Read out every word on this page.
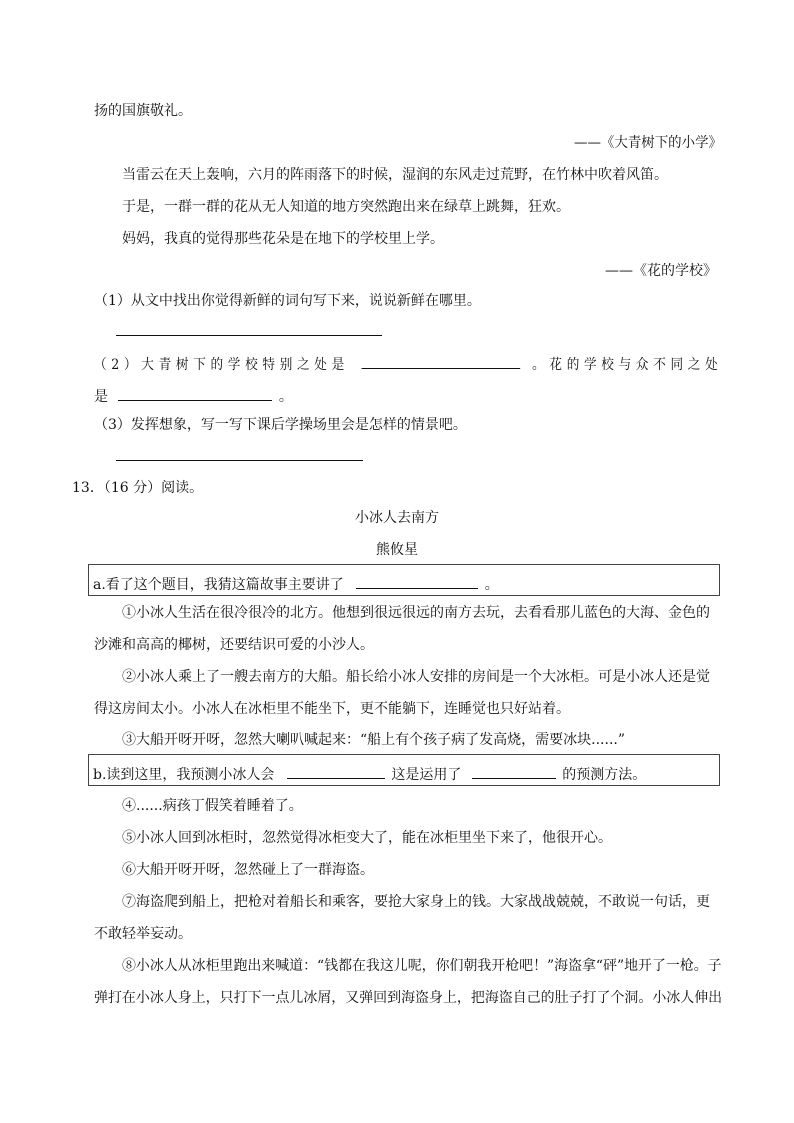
扬的国旗敬礼。
——《大青树下的小学》
当雷云在天上轰响，六月的阵雨落下的时候，湿润的东风走过荒野，在竹林中吹着风笛。
于是，一群一群的花从无人知道的地方突然跑出来在绿草上跳舞，狂欢。
妈妈，我真的觉得那些花朵是在地下的学校里上学。
——《花的学校》
（1）从文中找出你觉得新鲜的词句写下来，说说新鲜在哪里。
（2）大青树下的学校特别之处是	。花的学校与众不同之处
是	。
（3）发挥想象，写一写下课后学操场里会是怎样的情景吧。
13．（16 分）阅读。
小冰人去南方
熊攸星
a.看了这个题目，我猜这篇故事主要讲了	。
①小冰人生活在很冷很冷的北方。他想到很远很远的南方去玩，去看看那儿蓝色的大海、金色的
沙滩和高高的椰树，还要结识可爱的小沙人。
②小冰人乘上了一艘去南方的大船。船长给小冰人安排的房间是一个大冰柜。可是小冰人还是觉
得这房间太小。小冰人在冰柜里不能坐下，更不能躺下，连睡觉也只好站着。
③大船开呀开呀，忽然大喇叭喊起来：“船上有个孩子病了发高烧，需要冰块......”
b.读到这里，我预测小冰人会	这是运用了	的预测方法。
④......病孩丁假笑着睡着了。
⑤小冰人回到冰柜时，忽然觉得冰柜变大了，能在冰柜里坐下来了，他很开心。
⑥大船开呀开呀，忽然碰上了一群海盗。
⑦海盗爬到船上，把枪对着船长和乘客，要抢大家身上的钱。大家战战兢兢，不敢说一句话，更
不敢轻举妄动。
⑧小冰人从冰柜里跑出来喊道：“钱都在我这儿呢，你们朝我开枪吧！”海盗拿“砰”地开了一枪。子
弹打在小冰人身上，只打下一点儿冰屑，又弹回到海盗身上，把海盗自己的肚子打了个洞。小冰人伸出
